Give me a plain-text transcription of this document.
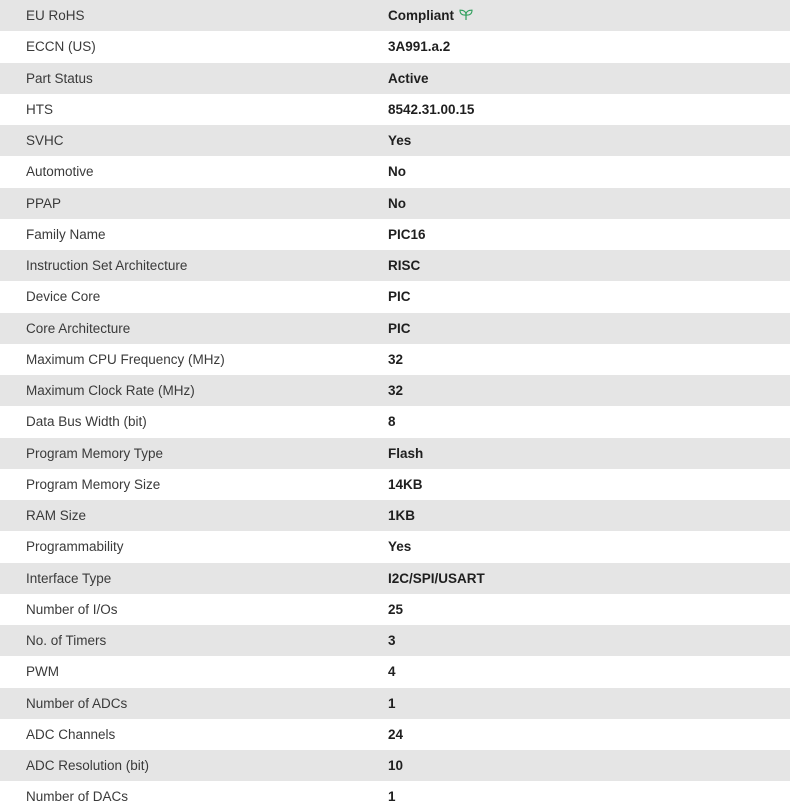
EU RoHS	Compliant
ECCN (US)	3A991.a.2
Part Status	Active
HTS	8542.31.00.15
SVHC	Yes
Automotive	No
PPAP	No
Family Name	PIC16
Instruction Set Architecture	RISC
Device Core	PIC
Core Architecture	PIC
Maximum CPU Frequency (MHz)	32
Maximum Clock Rate (MHz)	32
Data Bus Width (bit)	8
Program Memory Type	Flash
Program Memory Size	14KB
RAM Size	1KB
Programmability	Yes
Interface Type	I2C/SPI/USART
Number of I/Os	25
No. of Timers	3
PWM	4
Number of ADCs	1
ADC Channels	24
ADC Resolution (bit)	10
Number of DACs	1
